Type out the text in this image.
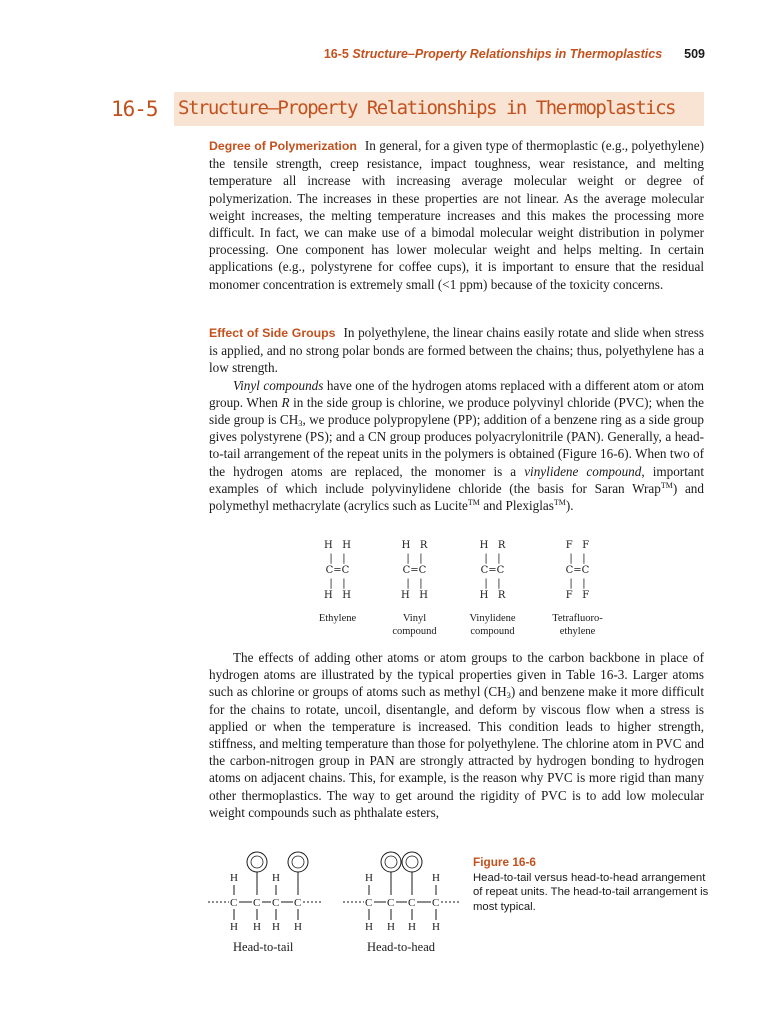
16-5 Structure–Property Relationships in Thermoplastics 509
16-5 Structure–Property Relationships in Thermoplastics

Degree of Polymerization In general, for a given type of thermoplastic (e.g., polyethylene) the tensile strength, creep resistance, impact toughness, wear resistance, and melting temperature all increase with increasing average molecular weight or degree of polymerization. The increases in these properties are not linear. As the average molecular weight increases, the melting temperature increases and this makes the processing more difficult. In fact, we can make use of a bimodal molecular weight distribution in polymer processing. One component has lower molecular weight and helps melting. In certain applications (e.g., polystyrene for coffee cups), it is important to ensure that the residual monomer concentration is extremely small (<1 ppm) because of the toxicity concerns.

Effect of Side Groups In polyethylene, the linear chains easily rotate and slide when stress is applied, and no strong polar bonds are formed between the chains; thus, polyethylene has a low strength.

Vinyl compounds have one of the hydrogen atoms replaced with a different atom or atom group. When R in the side group is chlorine, we produce polyvinyl chloride (PVC); when the side group is $CH_3$, we produce polypropylene (PP); addition of a benzene ring as a side group gives polystyrene (PS); and a CN group produces polyacrylonitrile (PAN). Generally, a head-to-tail arrangement of the repeat units in the polymers is obtained (Figure 16-6). When two of the hydrogen atoms are replaced, the monomer is a vinylidene compound, important examples of which include polyvinylidene chloride (the basis for Saran Wrap™) and polymethyl methacrylate (acrylics such as Lucite™ and Plexiglas™).

H   H
|   |
C=C
|   |
H   H
Ethylene
H   R
|   |
C=C
|   |
H   H
Vinyl
compound
H   R
|   |
C=C
|   |
H   R
Vinylidene
compound
F   F
|   |
C=C
|   |
F   F
Tetrafluoro-
ethylene

The effects of adding other atoms or atom groups to the carbon backbone in place of hydrogen atoms are illustrated by the typical properties given in Table 16-3. Larger atoms such as chlorine or groups of atoms such as methyl $(CH_3)$ and benzene make it more difficult for the chains to rotate, uncoil, disentangle, and deform by viscous flow when a stress is applied or when the temperature is increased. This condition leads to higher strength, stiffness, and melting temperature than those for polyethylene. The chlorine atom in PVC and the carbon-nitrogen group in PAN are strongly attracted by hydrogen bonding to hydrogen atoms on adjacent chains. This, for example, is the reason why PVC is more rigid than many other thermoplastics. The way to get around the rigidity of PVC is to add low molecular weight compounds such as phthalate esters,

H	H
C C C C
H H H H
Head-to-tail
H	H
C C C C
H H H H
Head-to-head
Figure 16-6
Head-to-tail versus head-to-head arrangement of repeat units. The head-to-tail arrangement is most typical.
